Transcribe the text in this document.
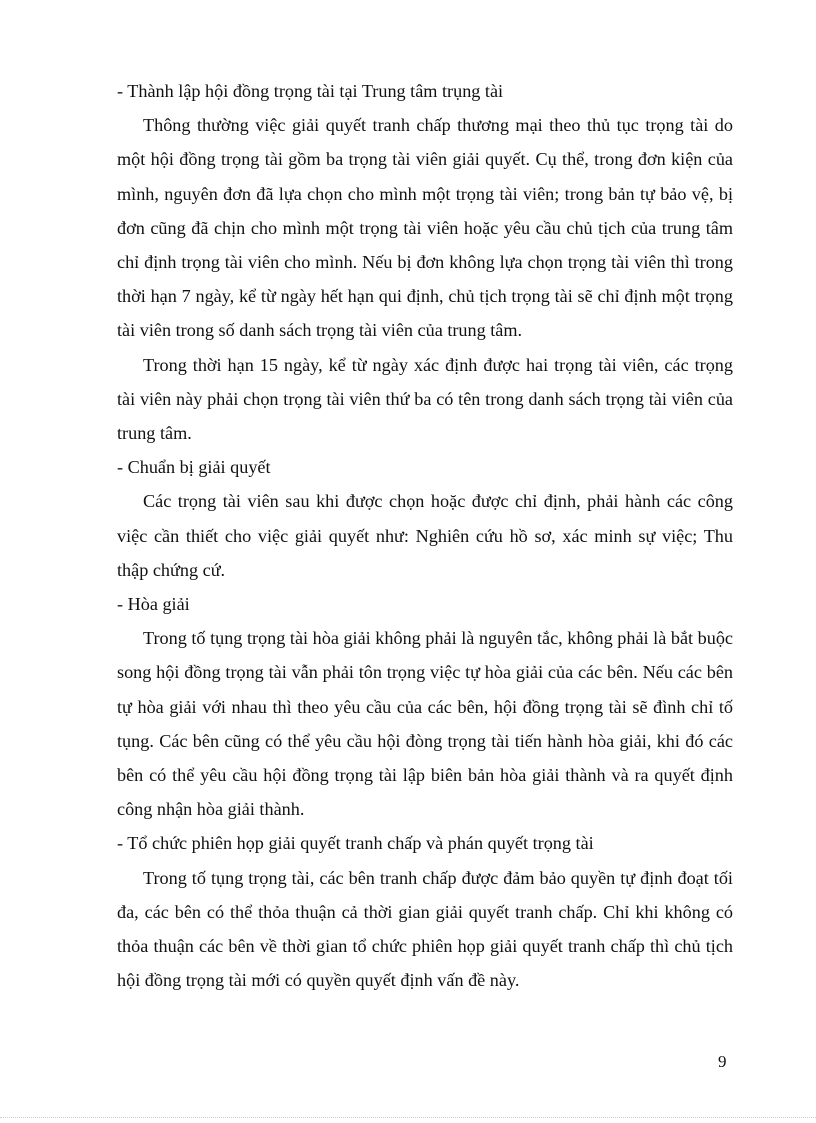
- Thành lập hội đồng trọng tài tại Trung tâm trụng tài

Thông thường việc giải quyết tranh chấp thương mại theo thủ tục trọng tài do một hội đồng trọng tài gồm ba trọng tài viên giải quyết. Cụ thể, trong đơn kiện của mình, nguyên đơn đã lựa chọn cho mình một trọng tài viên; trong bản tự bảo vệ, bị đơn cũng đã chịn cho mình một trọng tài viên hoặc yêu cầu chủ tịch của trung tâm chỉ định trọng tài viên cho mình. Nếu bị đơn không lựa chọn trọng tài viên thì trong thời hạn 7 ngày, kể từ ngày hết hạn qui định, chủ tịch trọng tài sẽ chỉ định một trọng tài viên trong số danh sách trọng tài viên của trung tâm.

Trong thời hạn 15 ngày, kể từ ngày xác định được hai trọng tài viên, các trọng tài viên này phải chọn trọng tài viên thứ ba có tên trong danh sách trọng tài viên của trung tâm.

- Chuẩn bị giải quyết

Các trọng tài viên sau khi được chọn hoặc được chỉ định, phải hành các công việc cần thiết cho việc giải quyết như: Nghiên cứu hồ sơ, xác minh sự việc; Thu thập chứng cứ.

- Hòa giải

Trong tố tụng trọng tài hòa giải không phải là nguyên tắc, không phải là bắt buộc song hội đồng trọng tài vẫn phải tôn trọng việc tự hòa giải của các bên. Nếu các bên tự hòa giải với nhau thì theo yêu cầu của các bên, hội đồng trọng tài sẽ đình chỉ tố tụng. Các bên cũng có thể yêu cầu hội đòng trọng tài tiến hành hòa giải, khi đó các bên có thể yêu cầu hội đồng trọng tài lập biên bản hòa giải thành và ra quyết định công nhận hòa giải thành.

- Tổ chức phiên họp giải quyết tranh chấp và phán quyết trọng tài

Trong tố tụng trọng tài, các bên tranh chấp được đảm bảo quyền tự định đoạt tối đa, các bên có thể thỏa thuận cả thời gian giải quyết tranh chấp. Chỉ khi không có thỏa thuận các bên về thời gian tổ chức phiên họp giải quyết tranh chấp thì chủ tịch hội đồng trọng tài mới có quyền quyết định vấn đề này.

9
